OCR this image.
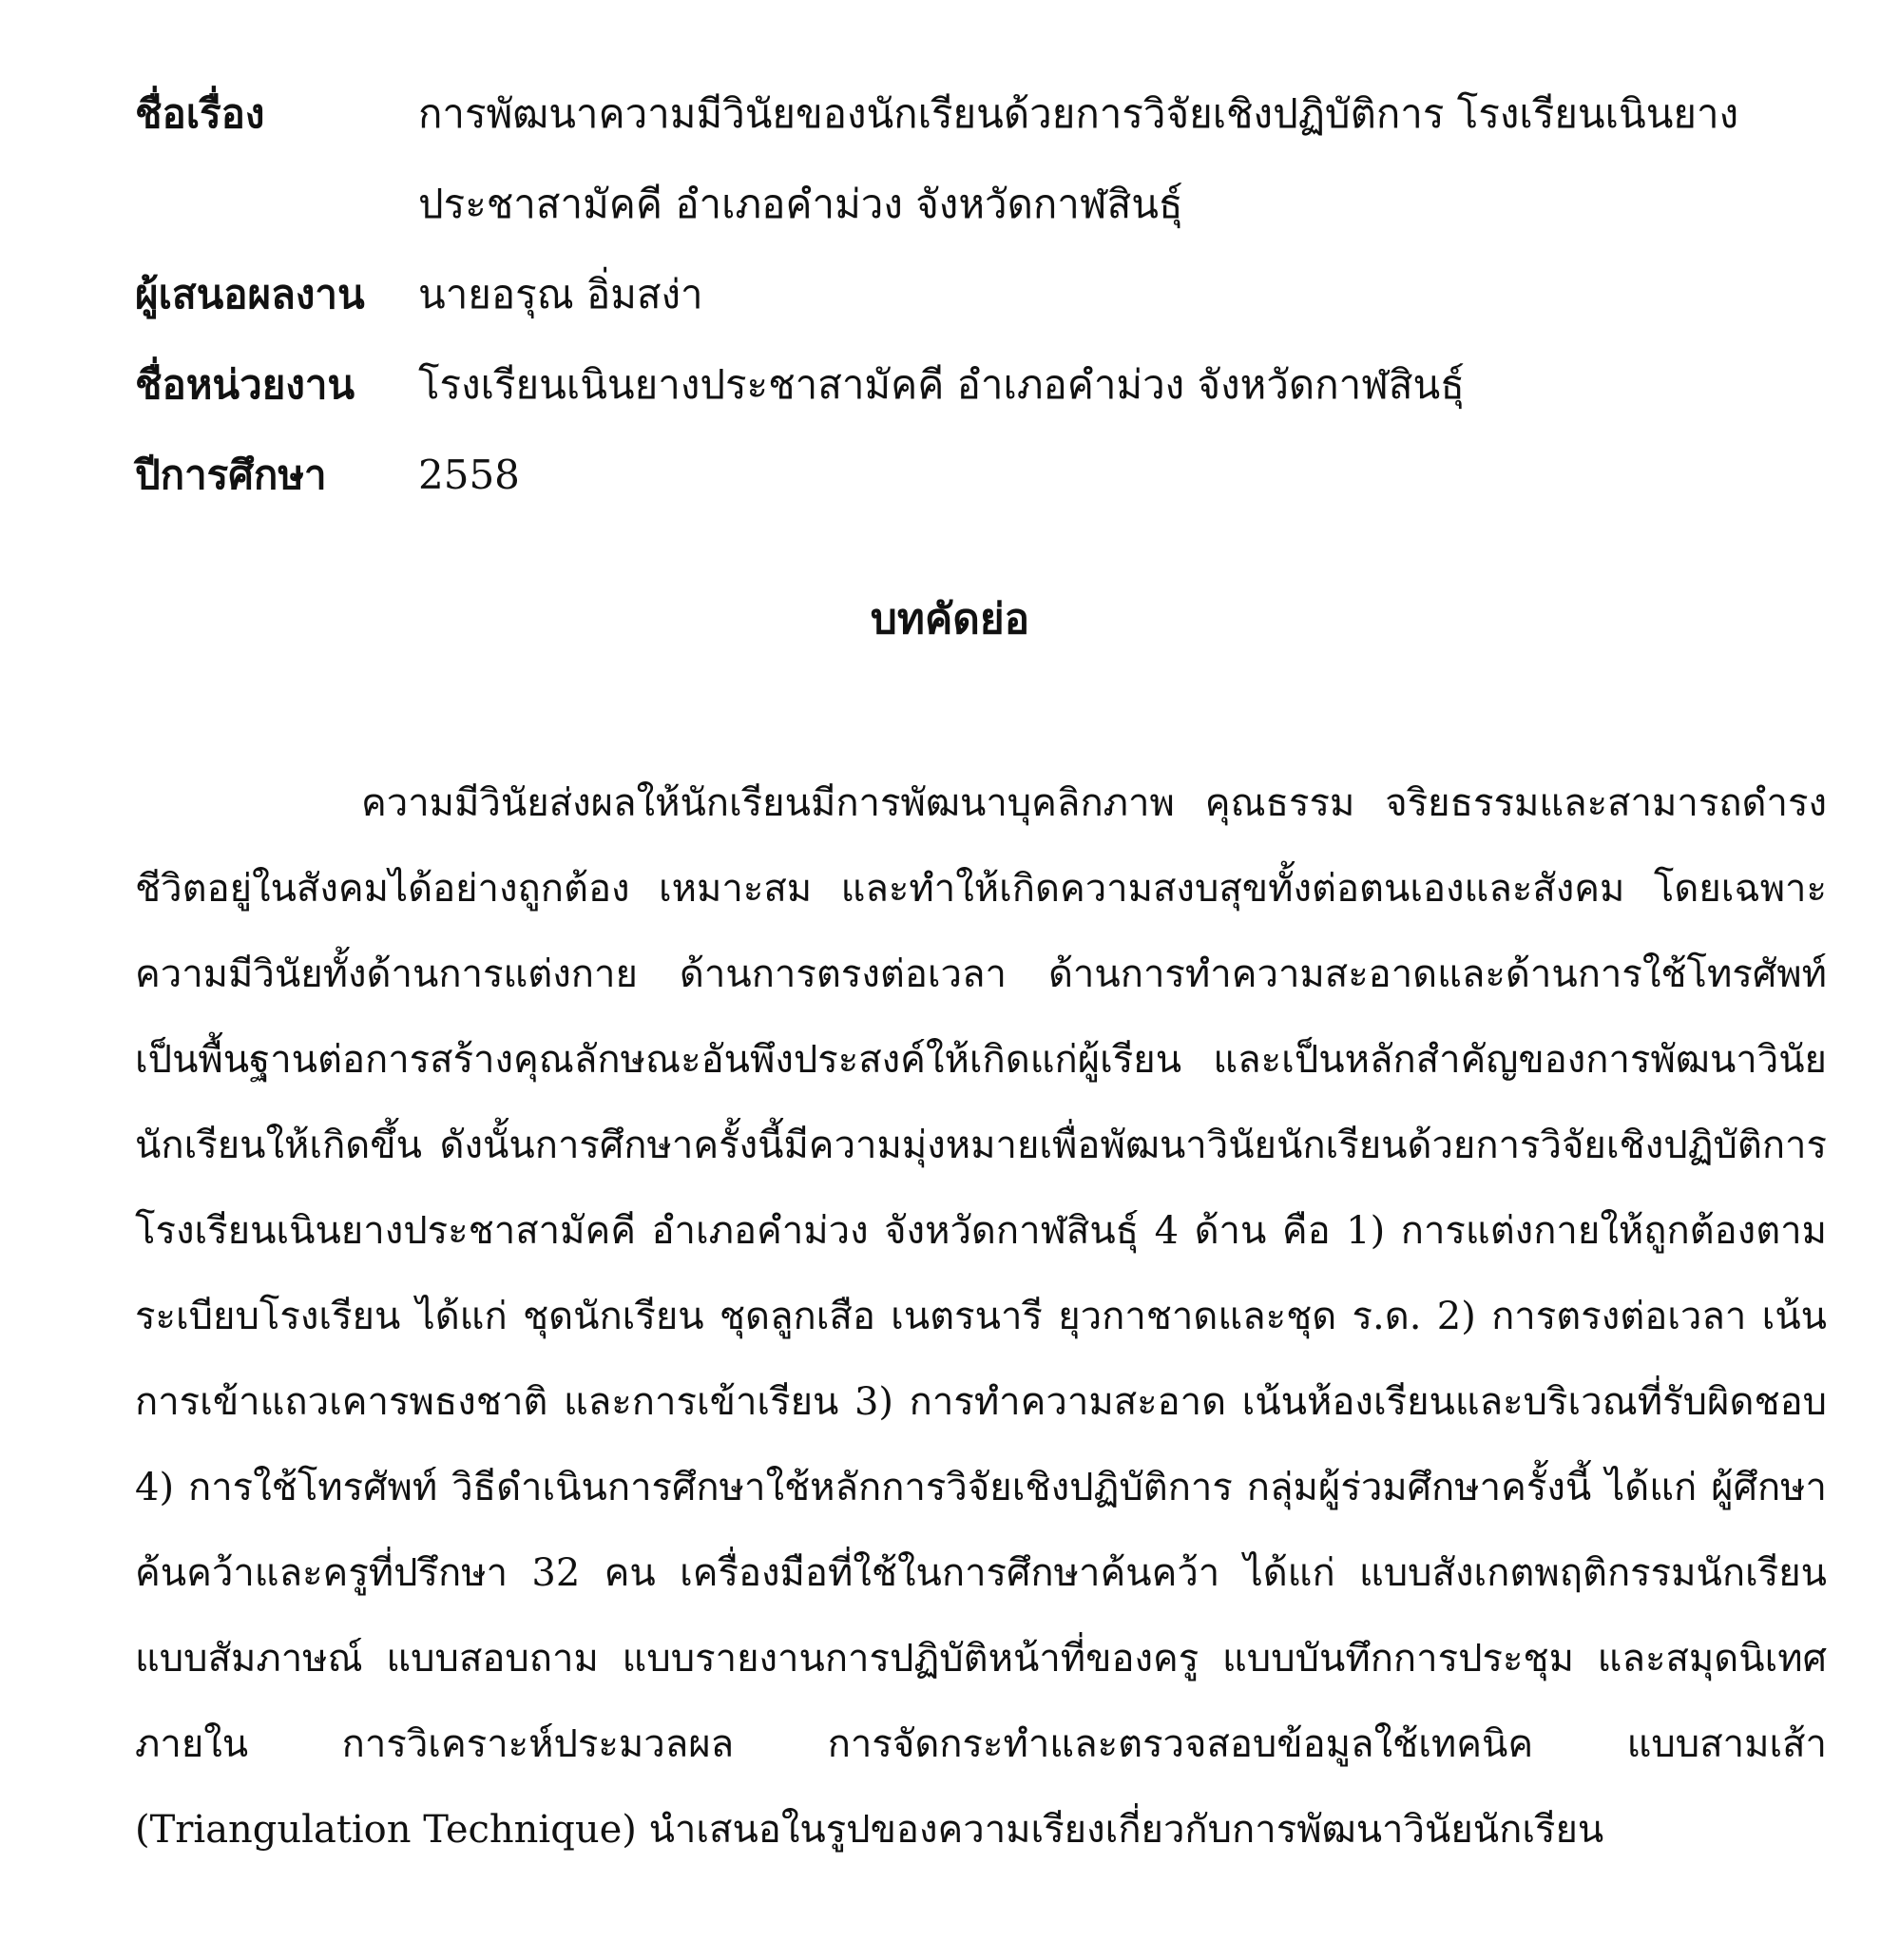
ชื่อเรื่อง	การพัฒนาความมีวินัยของนักเรียนด้วยการวิจัยเชิงปฏิบัติการ โรงเรียนเนินยางประชาสามัคคี อำเภอคำม่วง จังหวัดกาฬสินธุ์
ผู้เสนอผลงาน	นายอรุณ อิ่มสง่า
ชื่อหน่วยงาน	โรงเรียนเนินยางประชาสามัคคี อำเภอคำม่วง จังหวัดกาฬสินธุ์
ปีการศึกษา	2558
บทคัดย่อ

ความมีวินัยส่งผลให้นักเรียนมีการพัฒนาบุคลิกภาพ คุณธรรม จริยธรรมและสามารถดำรงชีวิตอยู่ในสังคมได้อย่างถูกต้อง เหมาะสม และทำให้เกิดความสงบสุขทั้งต่อตนเองและสังคม โดยเฉพาะความมีวินัยทั้งด้านการแต่งกาย ด้านการตรงต่อเวลา ด้านการทำความสะอาดและด้านการใช้โทรศัพท์เป็นพื้นฐานต่อการสร้างคุณลักษณะอันพึงประสงค์ให้เกิดแก่ผู้เรียน และเป็นหลักสำคัญของการพัฒนาวินัยนักเรียนให้เกิดขึ้น ดังนั้นการศึกษาครั้งนี้มีความมุ่งหมายเพื่อพัฒนาวินัยนักเรียนด้วยการวิจัยเชิงปฏิบัติการ โรงเรียนเนินยางประชาสามัคคี อำเภอคำม่วง จังหวัดกาฬสินธุ์ 4 ด้าน คือ 1) การแต่งกายให้ถูกต้องตามระเบียบโรงเรียน ได้แก่ ชุดนักเรียน ชุดลูกเสือ เนตรนารี ยุวกาชาดและชุด ร.ด. 2) การตรงต่อเวลา เน้นการเข้าแถวเคารพธงชาติ และการเข้าเรียน 3) การทำความสะอาด เน้นห้องเรียนและบริเวณที่รับผิดชอบ 4) การใช้โทรศัพท์ วิธีดำเนินการศึกษาใช้หลักการวิจัยเชิงปฏิบัติการ กลุ่มผู้ร่วมศึกษาครั้งนี้ ได้แก่ ผู้ศึกษาค้นคว้าและครูที่ปรึกษา 32 คน เครื่องมือที่ใช้ในการศึกษาค้นคว้า ได้แก่ แบบสังเกตพฤติกรรมนักเรียน แบบสัมภาษณ์ แบบสอบถาม แบบรายงานการปฏิบัติหน้าที่ของครู แบบบันทึกการประชุม และสมุดนิเทศภายใน การวิเคราะห์ประมวลผล การจัดกระทำและตรวจสอบข้อมูลใช้เทคนิค แบบสามเส้า (Triangulation Technique) นำเสนอในรูปของความเรียงเกี่ยวกับการพัฒนาวินัยนักเรียน
